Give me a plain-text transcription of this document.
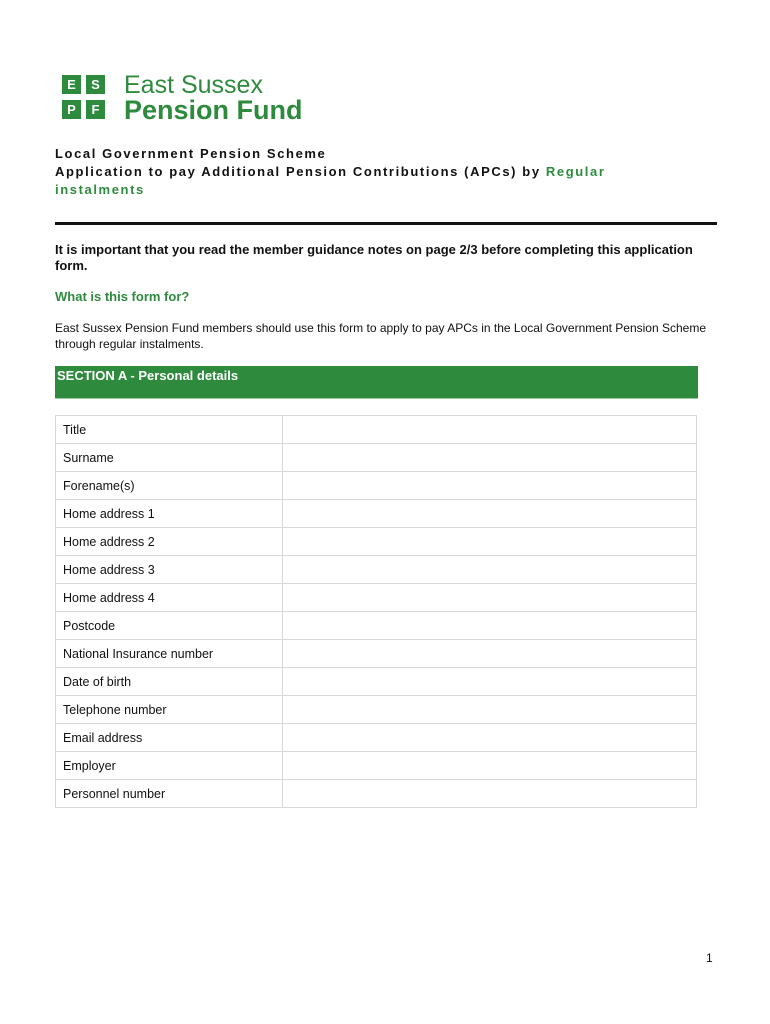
E	S
P	F
East Sussex
Pension Fund
Local Government Pension Scheme
Application to pay Additional Pension Contributions (APCs) by Regular instalments
It is important that you read the member guidance notes on page 2/3 before completing this application form.
What is this form for?
East Sussex Pension Fund members should use this form to apply to pay APCs in the Local Government Pension Scheme through regular instalments.
SECTION A - Personal details
Title	
Surname	
Forename(s)	
Home address 1	
Home address 2	
Home address 3	
Home address 4	
Postcode	
National Insurance number	
Date of birth	
Telephone number	
Email address	
Employer	
Personnel number	
1
